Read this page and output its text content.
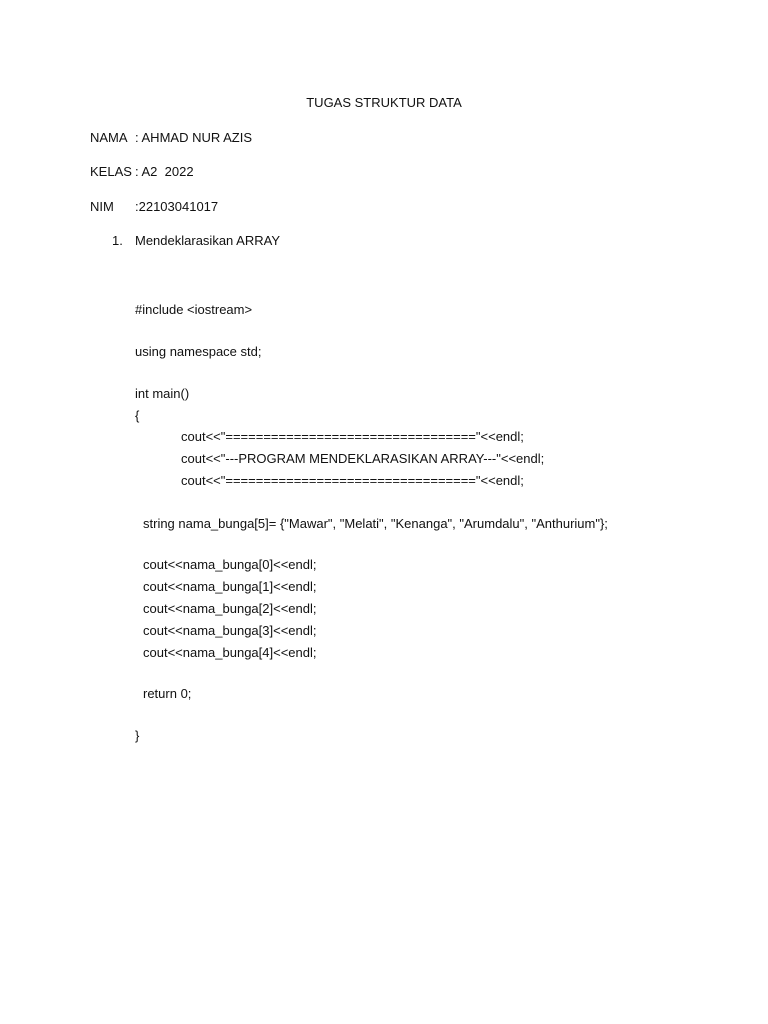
TUGAS STRUKTUR DATA
NAMA : AHMAD NUR AZIS
KELAS : A2  2022
NIM :22103041017
1. Mendeklarasikan ARRAY
#include <iostream>
using namespace std;
int main()
{
cout<<"================================="<<endl;
cout<<"---PROGRAM MENDEKLARASIKAN ARRAY---"<<endl;
cout<<"================================="<<endl;
string nama_bunga[5]= {"Mawar", "Melati", "Kenanga", "Arumdalu", "Anthurium"};
cout<<nama_bunga[0]<<endl;
cout<<nama_bunga[1]<<endl;
cout<<nama_bunga[2]<<endl;
cout<<nama_bunga[3]<<endl;
cout<<nama_bunga[4]<<endl;
return 0;
}
